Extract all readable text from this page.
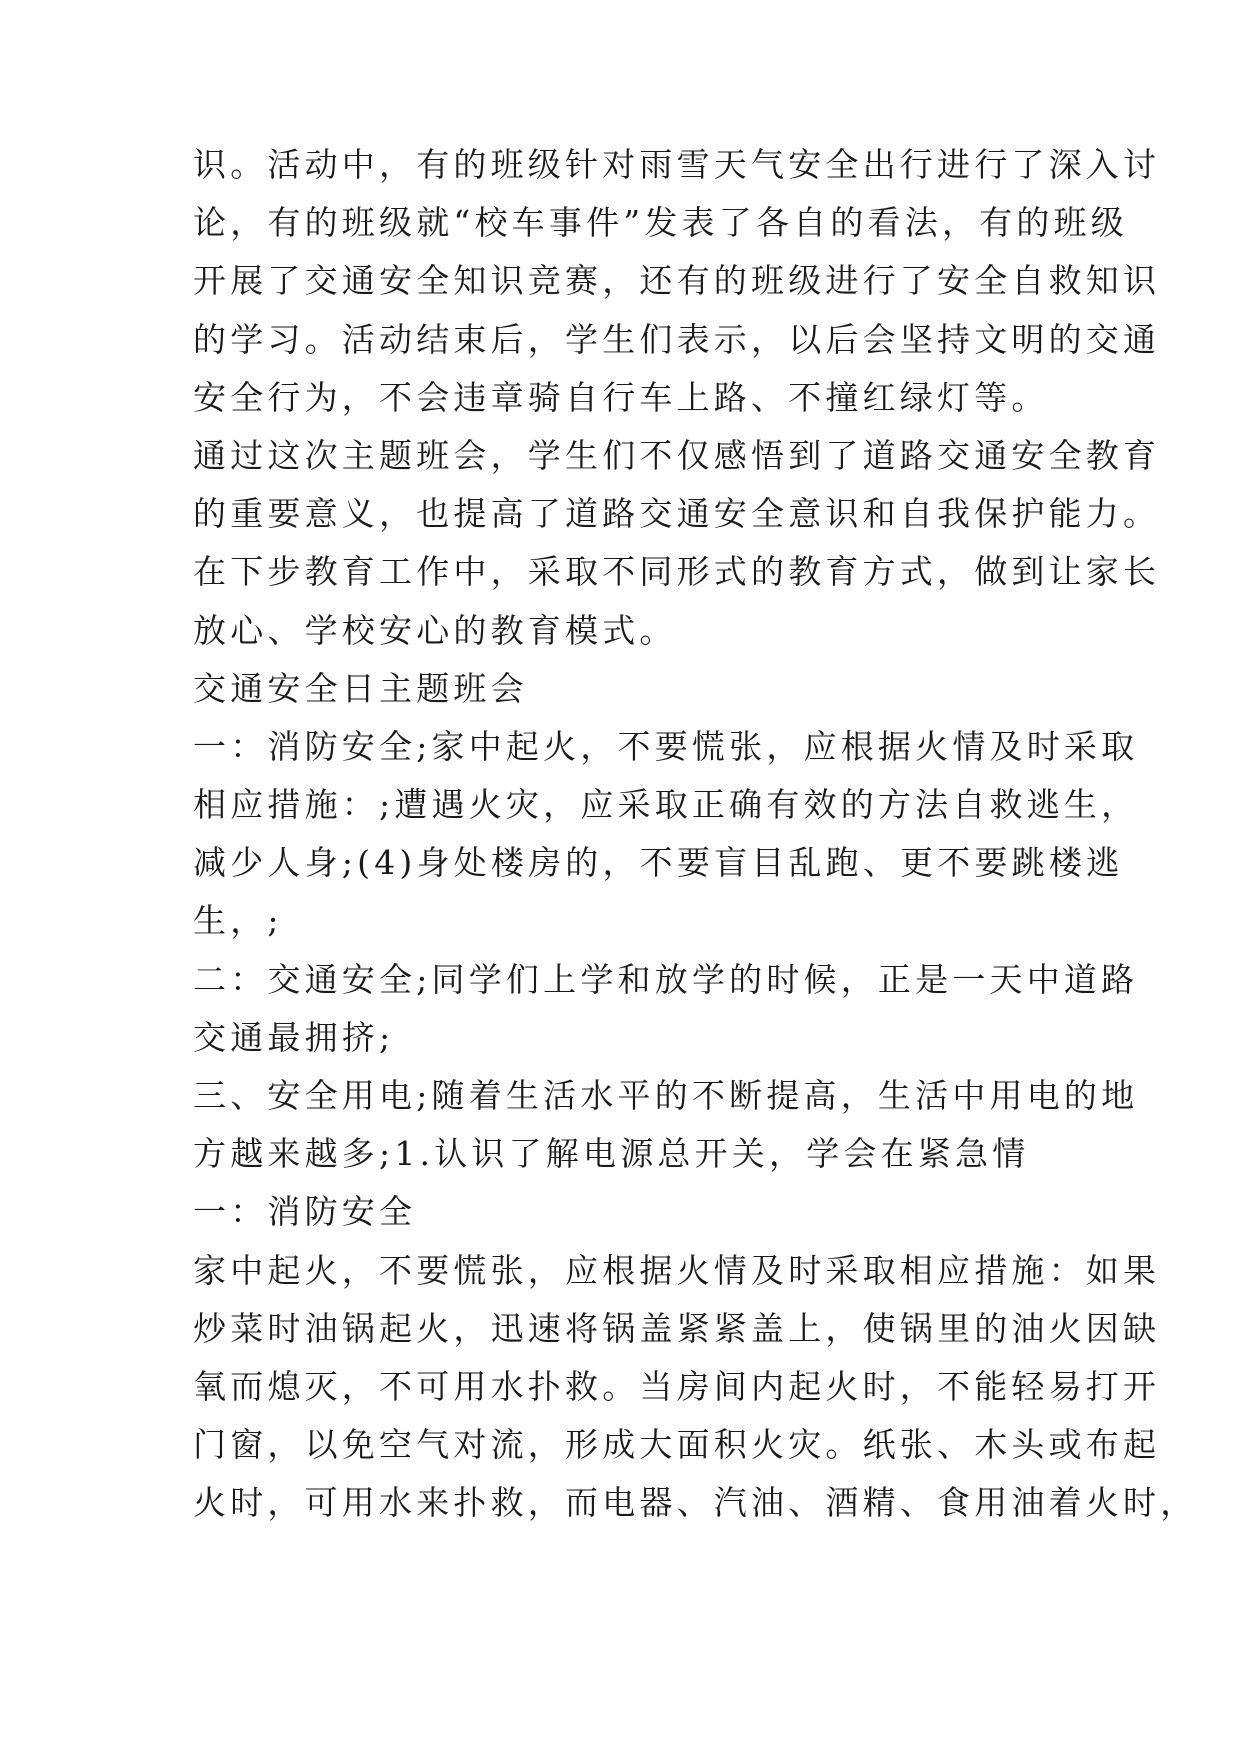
识。活动中，有的班级针对雨雪天气安全出行进行了深入讨
论，有的班级就“校车事件”发表了各自的看法，有的班级
开展了交通安全知识竞赛，还有的班级进行了安全自救知识
的学习。活动结束后，学生们表示，以后会坚持文明的交通
安全行为，不会违章骑自行车上路、不撞红绿灯等。
通过这次主题班会，学生们不仅感悟到了道路交通安全教育
的重要意义，也提高了道路交通安全意识和自我保护能力。
在下步教育工作中，采取不同形式的教育方式，做到让家长
放心、学校安心的教育模式。
交通安全日主题班会
一：消防安全;家中起火，不要慌张，应根据火情及时采取
相应措施：;遭遇火灾，应采取正确有效的方法自救逃生，
减少人身;(4)身处楼房的，不要盲目乱跑、更不要跳楼逃
生，;
二：交通安全;同学们上学和放学的时候，正是一天中道路
交通最拥挤;
三、安全用电;随着生活水平的不断提高，生活中用电的地
方越来越多;1.认识了解电源总开关，学会在紧急情
一：消防安全
家中起火，不要慌张，应根据火情及时采取相应措施：如果
炒菜时油锅起火，迅速将锅盖紧紧盖上，使锅里的油火因缺
氧而熄灭，不可用水扑救。当房间内起火时，不能轻易打开
门窗，以免空气对流，形成大面积火灾。纸张、木头或布起
火时，可用水来扑救，而电器、汽油、酒精、食用油着火时，
